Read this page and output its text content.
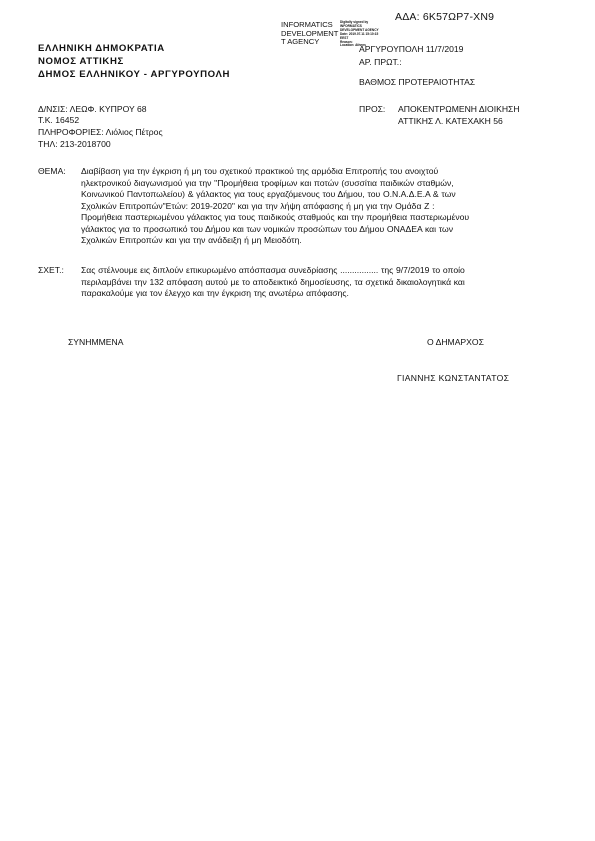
ΑΔΑ: 6Κ57ΩΡ7-ΧΝ9
INFORMATICS
DEVELOPMENT
T AGENCY
Digitally signed by
INFORMATICS
DEVELOPMENT AGENCY
Date: 2019.07.11 15:10:15
EEST
Reason:
Location: Athens
ΕΛΛΗΝΙΚΗ ΔΗΜΟΚΡΑΤΙΑ
ΝΟΜΟΣ ΑΤΤΙΚΗΣ
ΔΗΜΟΣ ΕΛΛΗΝΙΚΟΥ - ΑΡΓΥΡΟΥΠΟΛΗ
ΑΡΓΥΡΟΥΠΟΛΗ 11/7/2019
ΑΡ. ΠΡΩΤ.:
ΒΑΘΜΟΣ ΠΡΟΤΕΡΑΙΟΤΗΤΑΣ
Δ/ΝΣΙΣ: ΛΕΩΦ. ΚΥΠΡΟΥ 68
Τ.Κ. 16452
ΠΛΗΡΟΦΟΡΙΕΣ: Λιόλιος Πέτρος
ΤΗΛ: 213-2018700
ΠΡΟΣ: ΑΠΟΚΕΝΤΡΩΜΕΝΗ ΔΙΟΙΚΗΣΗ
ΑΤΤΙΚΗΣ Λ. ΚΑΤΕΧΑΚΗ 56
ΘΕΜΑ: Διαβίβαση για την έγκριση ή μη του σχετικού πρακτικού της αρμόδια Επιτροπής του ανοιχτού
ηλεκτρονικού διαγωνισμού για την "Προμήθεια τροφίμων και ποτών (συσσίτια παιδικών σταθμών,
Κοινωνικού Παντοπωλείου) & γάλακτος για τους εργαζόμενους του Δήμου, του Ο.Ν.Α.Δ.Ε.Α & των
Σχολικών Επιτροπών"Ετών: 2019-2020" και για την λήψη απόφασης ή μη για την Ομάδα Ζ :
Προμήθεια παστεριωμένου γάλακτος για τους παιδικούς σταθμούς και την προμήθεια παστεριωμένου
γάλακτος για το προσωπικό του Δήμου και των νομικών προσώπων του Δήμου ΟΝΑΔΕΑ και των
Σχολικών Επιτροπών και για την ανάδειξη ή μη Μειοδότη.
ΣΧΕΤ.: Σας στέλνουμε εις διπλούν επικυρωμένο απόσπασμα συνεδρίασης ................ της 9/7/2019 το οποίο
περιλαμβάνει την 132 απόφαση αυτού με το αποδεικτικό δημοσίευσης, τα σχετικά δικαιολογητικά και
παρακαλούμε για τον έλεγχο και την έγκριση της ανωτέρω απόφασης.
ΣΥΝΗΜΜΕΝΑ	Ο ΔΗΜΑΡΧΟΣ
ΓΙΑΝΝΗΣ ΚΩΝΣΤΑΝΤΑΤΟΣ
